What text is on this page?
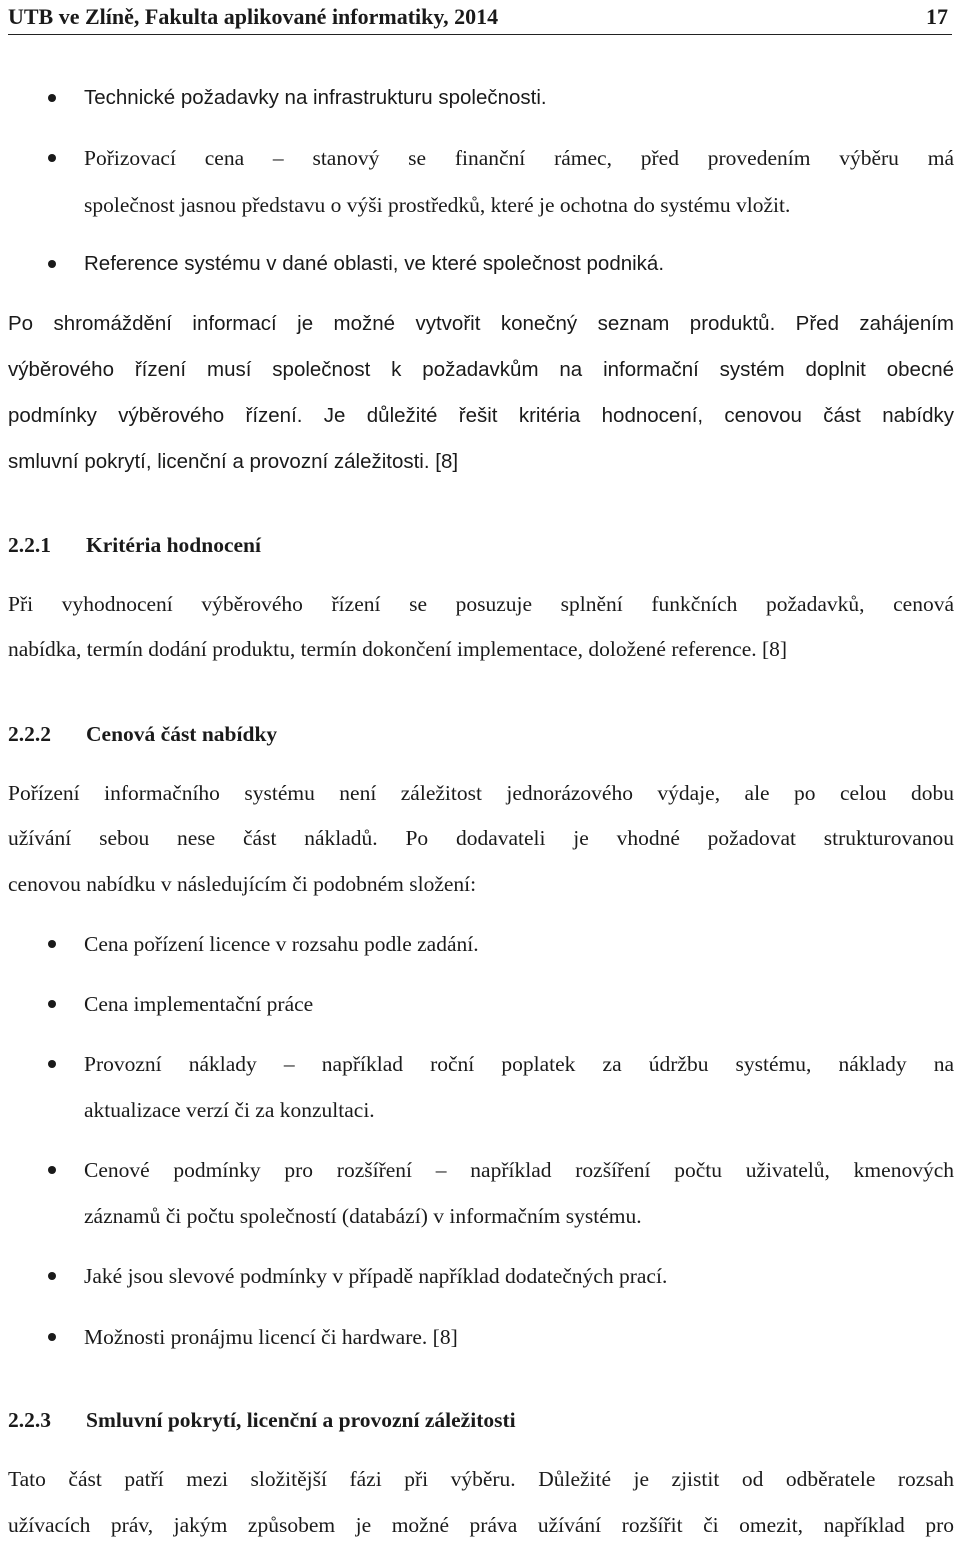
UTB ve Zlíně, Fakulta aplikované informatiky, 2014	17
Technické požadavky na infrastrukturu společnosti.
Pořizovací cena – stanový se finanční rámec, před provedením výběru má
společnost jasnou představu o výši prostředků, které je ochotna do systému vložit.
Reference systému v dané oblasti, ve které společnost podniká.
Po shromáždění informací je možné vytvořit konečný seznam produktů. Před zahájením
výběrového řízení musí společnost k požadavkům na informační systém doplnit obecné
podmínky výběrového řízení. Je důležité řešit kritéria hodnocení, cenovou část nabídky
smluvní pokrytí, licenční a provozní záležitosti. [8]
2.2.1 Kritéria hodnocení
Při vyhodnocení výběrového řízení se posuzuje splnění funkčních požadavků, cenová
nabídka, termín dodání produktu, termín dokončení implementace, doložené reference. [8]
2.2.2 Cenová část nabídky
Pořízení informačního systému není záležitost jednorázového výdaje, ale po celou dobu
užívání sebou nese část nákladů. Po dodavateli je vhodné požadovat strukturovanou
cenovou nabídku v následujícím či podobném složení:
Cena pořízení licence v rozsahu podle zadání.
Cena implementační práce
Provozní náklady – například roční poplatek za údržbu systému, náklady na
aktualizace verzí či za konzultaci.
Cenové podmínky pro rozšíření – například rozšíření počtu uživatelů, kmenových
záznamů či počtu společností (databází) v informačním systému.
Jaké jsou slevové podmínky v případě například dodatečných prací.
Možnosti pronájmu licencí či hardware. [8]
2.2.3 Smluvní pokrytí, licenční a provozní záležitosti
Tato část patří mezi složitější fázi při výběru. Důležité je zjistit od odběratele rozsah
užívacích práv, jakým způsobem je možné práva užívání rozšířit či omezit, například pro
